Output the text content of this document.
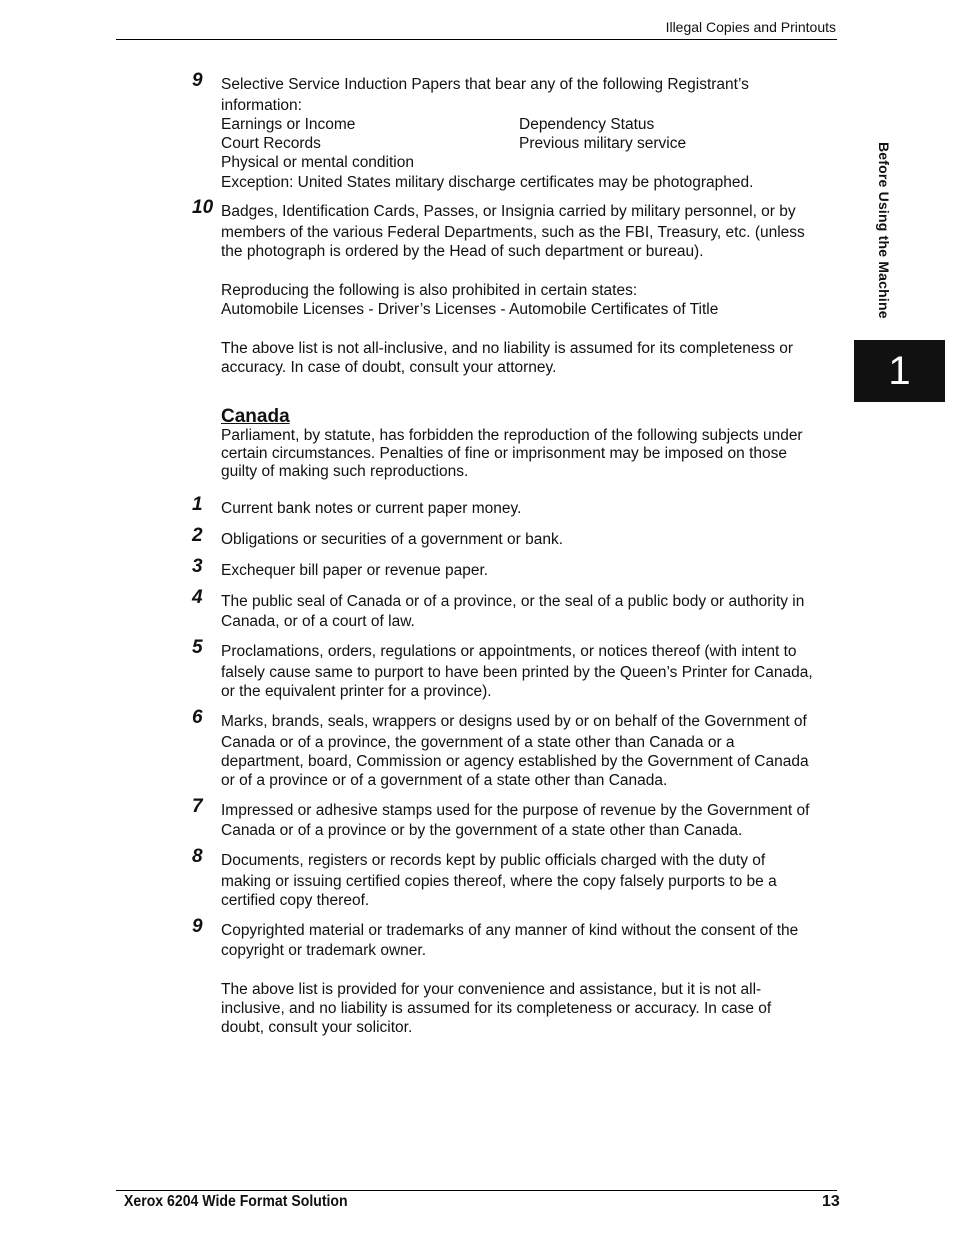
Illegal Copies and Printouts
Before Using the Machine
1
9 Selective Service Induction Papers that bear any of the following Registrant’s
information:
Earnings or Income	Dependency Status
Court Records	Previous military service
Physical or mental condition
Exception: United States military discharge certificates may be photographed.
10 Badges, Identification Cards, Passes, or Insignia carried by military personnel, or by
members of the various Federal Departments, such as the FBI, Treasury, etc. (unless
the photograph is ordered by the Head of such department or bureau).
Reproducing the following is also prohibited in certain states:
Automobile Licenses - Driver’s Licenses - Automobile Certificates of Title
The above list is not all-inclusive, and no liability is assumed for its completeness or
accuracy. In case of doubt, consult your attorney.
Canada
Parliament, by statute, has forbidden the reproduction of the following subjects under
certain circumstances. Penalties of fine or imprisonment may be imposed on those
guilty of making such reproductions.
1 Current bank notes or current paper money.
2 Obligations or securities of a government or bank.
3 Exchequer bill paper or revenue paper.
4 The public seal of Canada or of a province, or the seal of a public body or authority in
Canada, or of a court of law.
5 Proclamations, orders, regulations or appointments, or notices thereof (with intent to
falsely cause same to purport to have been printed by the Queen’s Printer for Canada,
or the equivalent printer for a province).
6 Marks, brands, seals, wrappers or designs used by or on behalf of the Government of
Canada or of a province, the government of a state other than Canada or a
department, board, Commission or agency established by the Government of Canada
or of a province or of a government of a state other than Canada.
7 Impressed or adhesive stamps used for the purpose of revenue by the Government of
Canada or of a province or by the government of a state other than Canada.
8 Documents, registers or records kept by public officials charged with the duty of
making or issuing certified copies thereof, where the copy falsely purports to be a
certified copy thereof.
9 Copyrighted material or trademarks of any manner of kind without the consent of the
copyright or trademark owner.
The above list is provided for your convenience and assistance, but it is not all-
inclusive, and no liability is assumed for its completeness or accuracy. In case of
doubt, consult your solicitor.
Xerox 6204 Wide Format Solution	13
